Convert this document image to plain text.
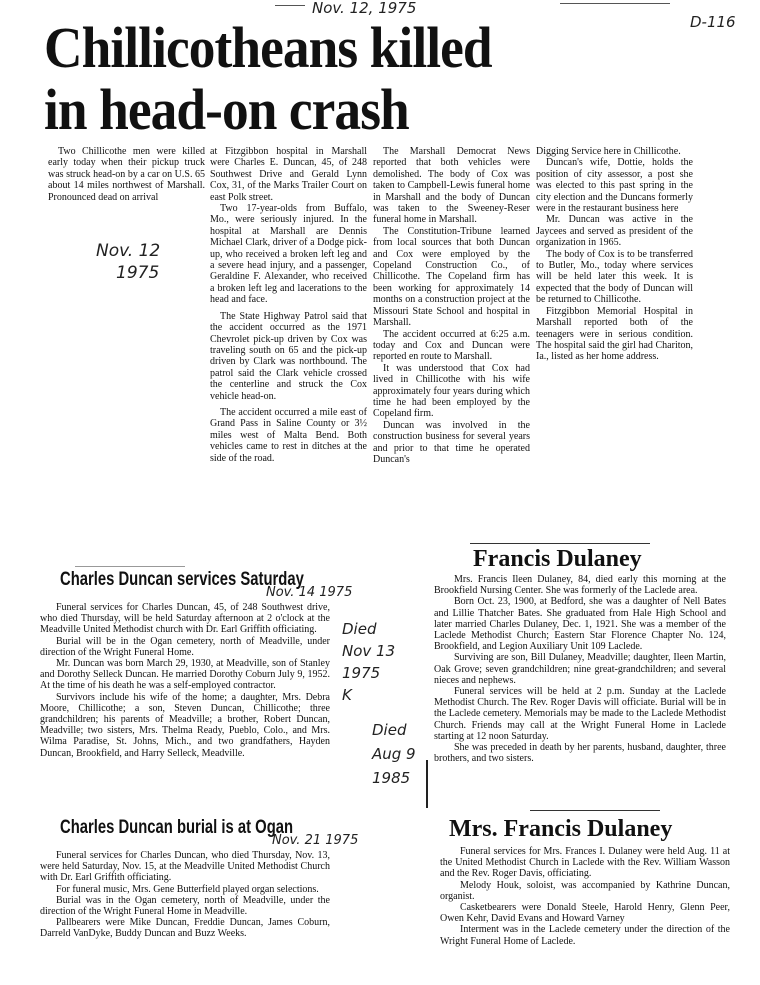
Nov. 12, 1975
D-116
Chillicotheans killed
in head-on crash

Two Chillicothe men were killed early today when their pickup truck was struck head-on by a car on U.S. 65 about 14 miles northwest of Marshall. Pronounced dead on arrival

Nov. 12
1975

at Fitzgibbon hospital in Marshall were Charles E. Duncan, 45, of 248 Southwest Drive and Gerald Lynn Cox, 31, of the Marks Trailer Court on east Polk street.

Two 17-year-olds from Buffalo, Mo., were seriously injured. In the hospital at Marshall are Dennis Michael Clark, driver of a Dodge pick-up, who received a broken left leg and a severe head injury, and a passenger, Geraldine F. Alexander, who received a broken left leg and lacerations to the head and face.

The State Highway Patrol said that the accident occurred as the 1971 Chevrolet pick-up driven by Cox was traveling south on 65 and the pick-up driven by Clark was northbound. The patrol said the Clark vehicle crossed the centerline and struck the Cox vehicle head-on.

The accident occurred a mile east of Grand Pass in Saline County or 3½ miles west of Malta Bend. Both vehicles came to rest in ditches at the side of the road.

The Marshall Democrat News reported that both vehicles were demolished. The body of Cox was taken to Campbell-Lewis funeral home in Marshall and the body of Duncan was taken to the Sweeney-Reser funeral home in Marshall.

The Constitution-Tribune learned from local sources that both Duncan and Cox were employed by the Copeland Construction Co., of Chillicothe. The Copeland firm has been working for approximately 14 months on a construction project at the Missouri State School and hospital in Marshall.

The accident occurred at 6:25 a.m. today and Cox and Duncan were reported en route to Marshall.

It was understood that Cox had lived in Chillicothe with his wife approximately four years during which time he had been employed by the Copeland firm.

Duncan was involved in the construction business for several years and prior to that time he operated Duncan's

Digging Service here in Chillicothe.

Duncan's wife, Dottie, holds the position of city assessor, a post she was elected to this past spring in the city election and the Duncans formerly were in the restaurant business here

Mr. Duncan was active in the Jaycees and served as president of the organization in 1965.

The body of Cox is to be transferred to Butler, Mo., today where services will be held later this week. It is expected that the body of Duncan will be returned to Chillicothe.

Fitzgibbon Memorial Hospital in Marshall reported both of the teenagers were in serious condition. The hospital said the girl had Chariton, Ia., listed as her home address.

Charles Duncan services Saturday
Nov. 14 1975

Funeral services for Charles Duncan, 45, of 248 Southwest drive, who died Thursday, will be held Saturday afternoon at 2 o'clock at the Meadville United Methodist church with Dr. Earl Griffith officiating.

Burial will be in the Ogan cemetery, north of Meadville, under direction of the Wright Funeral Home.

Mr. Duncan was born March 29, 1930, at Meadville, son of Stanley and Dorothy Selleck Duncan. He married Dorothy Coburn July 9, 1952. At the time of his death he was a self-employed contractor.

Survivors include his wife of the home; a daughter, Mrs. Debra Moore, Chillicothe; a son, Steven Duncan, Chillicothe; three grandchildren; his parents of Meadville; a brother, Robert Duncan, Meadville; two sisters, Mrs. Thelma Ready, Pueblo, Colo., and Mrs. Wilma Paradise, St. Johns, Mich., and two grandfathers, Hayden Duncan, Brookfield, and Harry Selleck, Meadville.

Died
Nov 13
1975
K
Died
Aug 9
1985
Charles Duncan burial is at Ogan
Nov. 21 1975

Funeral services for Charles Duncan, who died Thursday, Nov. 13, were held Saturday, Nov. 15, at the Meadville United Methodist Church with Dr. Earl Griffith officiating.

For funeral music, Mrs. Gene Butterfield played organ selections.

Burial was in the Ogan cemetery, north of Meadville, under the direction of the Wright Funeral Home in Meadville.

Pallbearers were Mike Duncan, Freddie Duncan, James Coburn, Darreld VanDyke, Buddy Duncan and Buzz Weeks.

Francis Dulaney

Mrs. Francis Ileen Dulaney, 84, died early this morning at the Brookfield Nursing Center. She was formerly of the Laclede area.

Born Oct. 23, 1900, at Bedford, she was a daughter of Nell Bates and Lillie Thatcher Bates. She graduated from Hale High School and later married Charles Dulaney, Dec. 1, 1921. She was a member of the Laclede Methodist Church; Eastern Star Florence Chapter No. 124, Brookfield, and Legion Auxiliary Unit 109 Laclede.

Surviving are son, Bill Dulaney, Meadville; daughter, Ileen Martin, Oak Grove; seven grandchildren; nine great-grandchildren; and several nieces and nephews.

Funeral services will be held at 2 p.m. Sunday at the Laclede Methodist Church. The Rev. Roger Davis will officiate. Burial will be in the Laclede cemetery. Memorials may be made to the Laclede Methodist Church. Friends may call at the Wright Funeral Home in Laclede starting at 12 noon Saturday.

She was preceded in death by her parents, husband, daughter, three brothers, and two sisters.

Mrs. Francis Dulaney

Funeral services for Mrs. Frances I. Dulaney were held Aug. 11 at the United Methodist Church in Laclede with the Rev. William Wasson and the Rev. Roger Davis, officiating.

Melody Houk, soloist, was accompanied by Kathrine Duncan, organist.

Casketbearers were Donald Steele, Harold Henry, Glenn Peer, Owen Kehr, David Evans and Howard Varney

Interment was in the Laclede cemetery under the direction of the Wright Funeral Home of Laclede.
